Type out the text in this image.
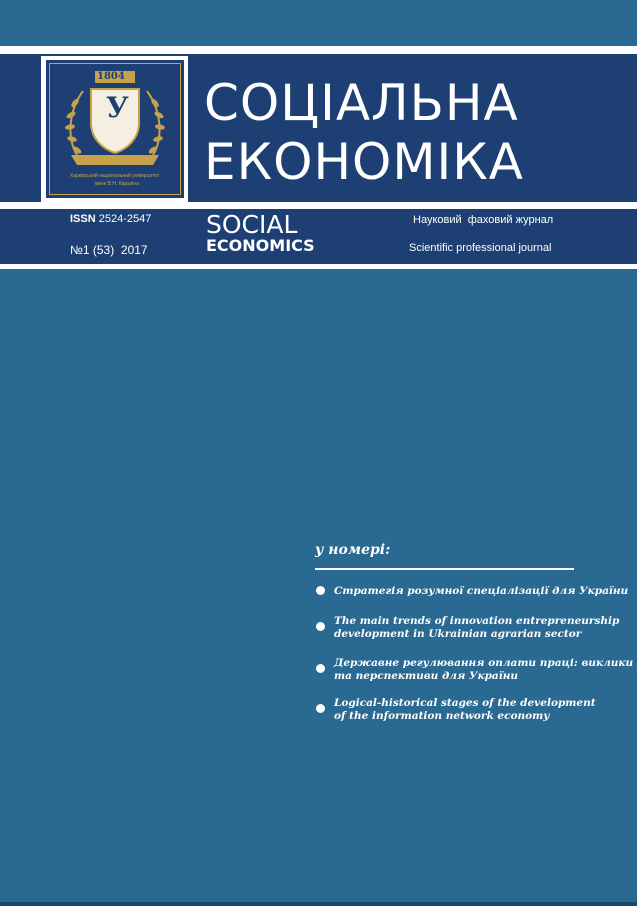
1804
У
Харківський національний університет
імені В.Н. Каразіна
СОЦІАЛЬНА
ЕКОНОМІКА
ISSN 2524-2547
№1 (53)  2017
SOCIAL
ECONOMICS
Науковий  фаховий журнал
Scientific professional journal
у номері:
Стратегія розумної спеціалізації для України
The main trends of innovation entrepreneurship
development in Ukrainian agrarian sector
Державне регулювання оплати праці: виклики
та перспективи для України
Logical-historical stages of the development
of the information network economy
